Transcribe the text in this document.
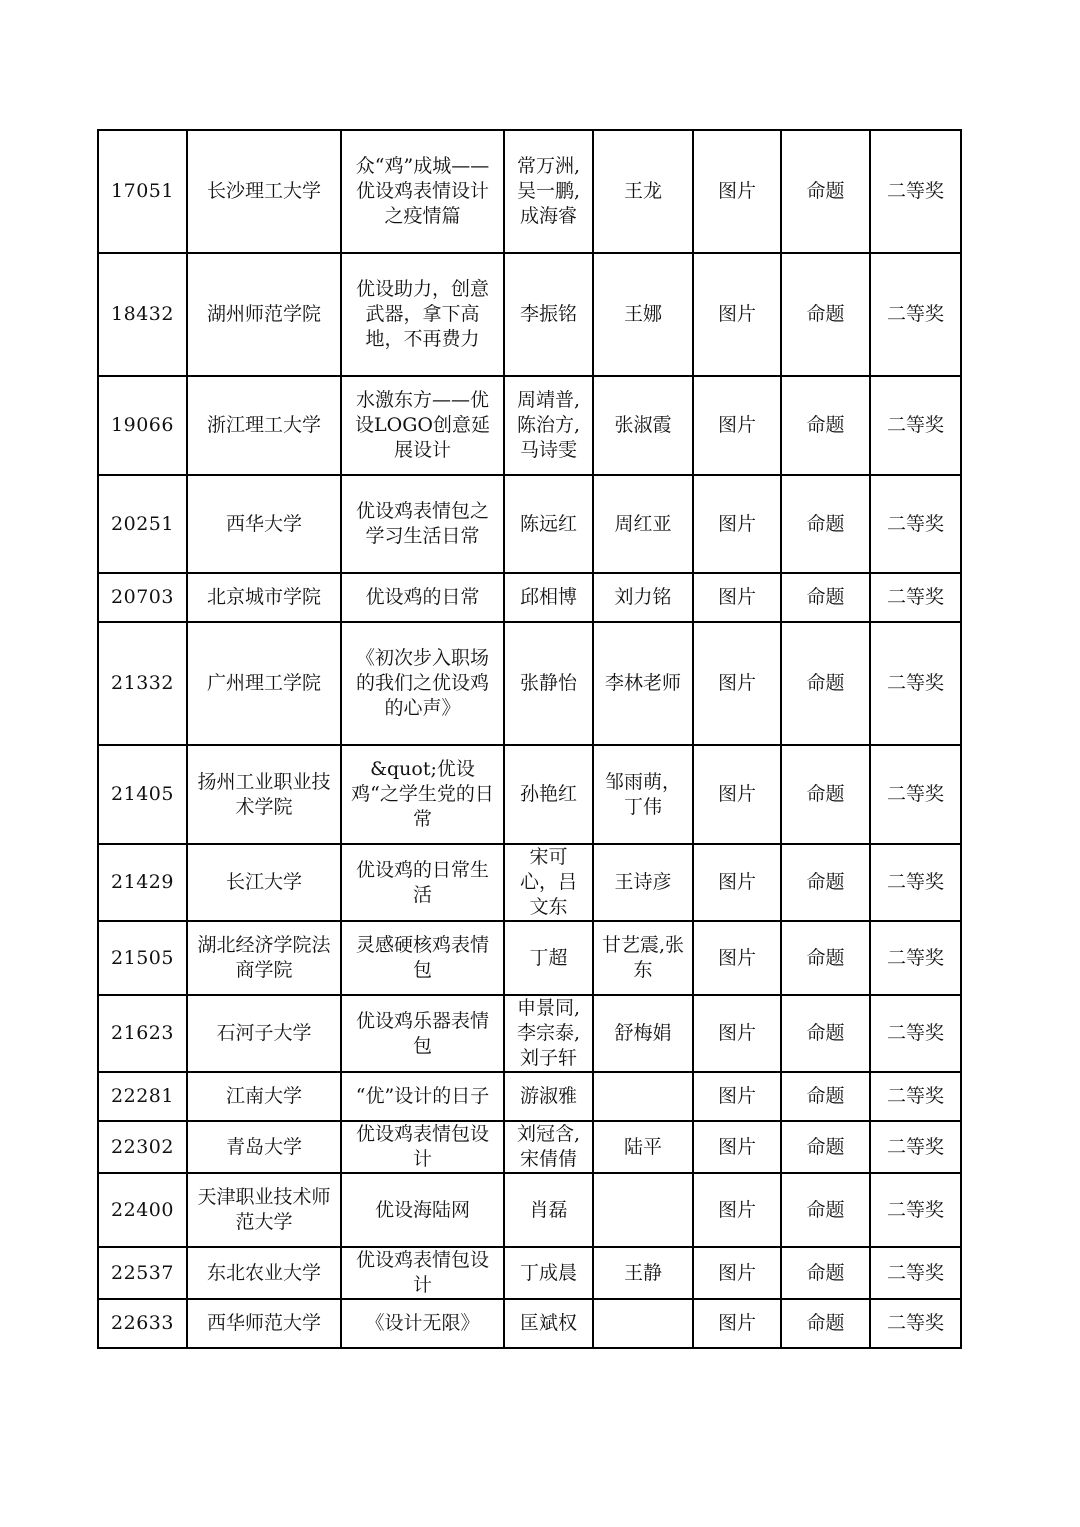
17051	长沙理工大学	众“鸡”成城——优设鸡表情设计之疫情篇	常万洲,吴一鹏,成海睿	王龙	图片	命题	二等奖
18432	湖州师范学院	优设助力，创意武器，拿下高地，不再费力	李振铭	王娜	图片	命题	二等奖
19066	浙江理工大学	水激东方——优设LOGO创意延展设计	周靖普,陈治方,马诗雯	张淑霞	图片	命题	二等奖
20251	西华大学	优设鸡表情包之学习生活日常	陈远红	周红亚	图片	命题	二等奖
20703	北京城市学院	优设鸡的日常	邱相博	刘力铭	图片	命题	二等奖
21332	广州理工学院	《初次步入职场的我们之优设鸡的心声》	张静怡	李林老师	图片	命题	二等奖
21405	扬州工业职业技术学院	&quot;优设鸡“之学生党的日常	孙艳红	邹雨萌，丁伟	图片	命题	二等奖
21429	长江大学	优设鸡的日常生活	宋可心，吕文东	王诗彦	图片	命题	二等奖
21505	湖北经济学院法商学院	灵感硬核鸡表情包	丁超	甘艺震,张东	图片	命题	二等奖
21623	石河子大学	优设鸡乐器表情包	申景同,李宗泰,刘子轩	舒梅娟	图片	命题	二等奖
22281	江南大学	“优”设计的日子	游淑雅		图片	命题	二等奖
22302	青岛大学	优设鸡表情包设计	刘冠含,宋倩倩	陆平	图片	命题	二等奖
22400	天津职业技术师范大学	优设海陆网	肖磊		图片	命题	二等奖
22537	东北农业大学	优设鸡表情包设计	丁成晨	王静	图片	命题	二等奖
22633	西华师范大学	《设计无限》	匡斌权		图片	命题	二等奖
